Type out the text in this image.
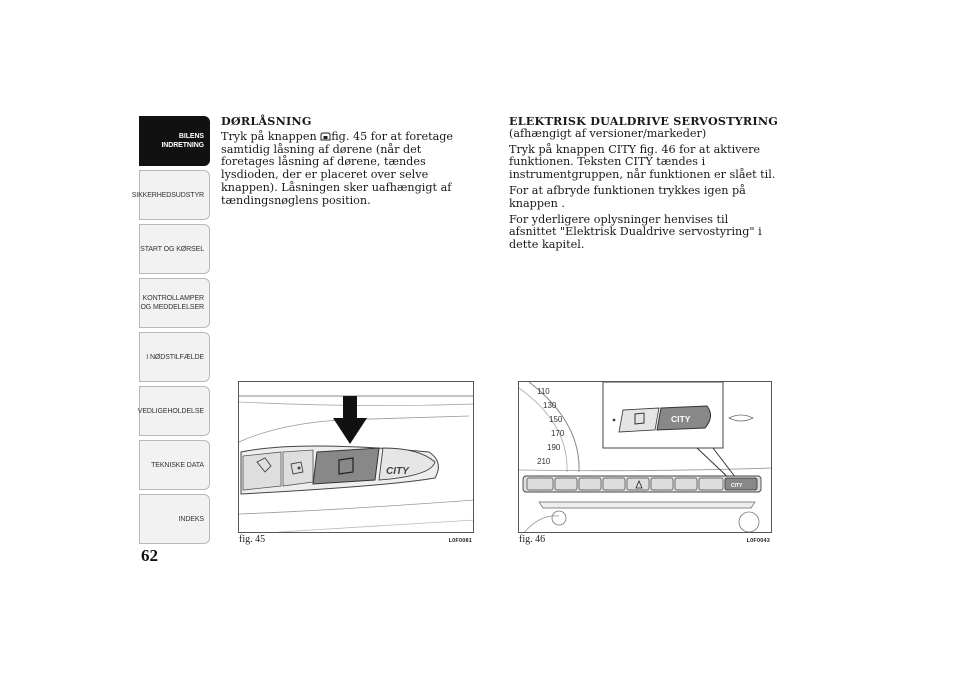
BILENS
INDRETNING
SIKKERHEDSUDSTYR
START OG KØRSEL
KONTROLLAMPER
OG MEDDELELSER
I NØDSTILFÆLDE
VEDLIGEHOLDELSE
TEKNISKE DATA
INDEKS
62
DØRLÅSNING

Tryk på knappen fig. 45 for at foretage samtidig låsning af dørene (når det foretages låsning af dørene, tændes lysdioden, der er placeret over selve knappen). Låsningen sker uafhængigt af tændingsnøglens position.

ELEKTRISK DUALDRIVE SERVOSTYRING

(afhængigt af versioner/markeder)

Tryk på knappen CITY fig. 46 for at aktivere funktionen. Teksten CITY tændes i instrumentgruppen, når funktionen er slået til.

For at afbryde funktionen trykkes igen på knappen .

For yderligere oplysninger henvises til afsnittet "Elektrisk Dualdrive servostyring" i dette kapitel.

CITY
fig. 45	L0F0081
110
130
150
170
190
210
CITY
CITY
fig. 46	L0F0043
